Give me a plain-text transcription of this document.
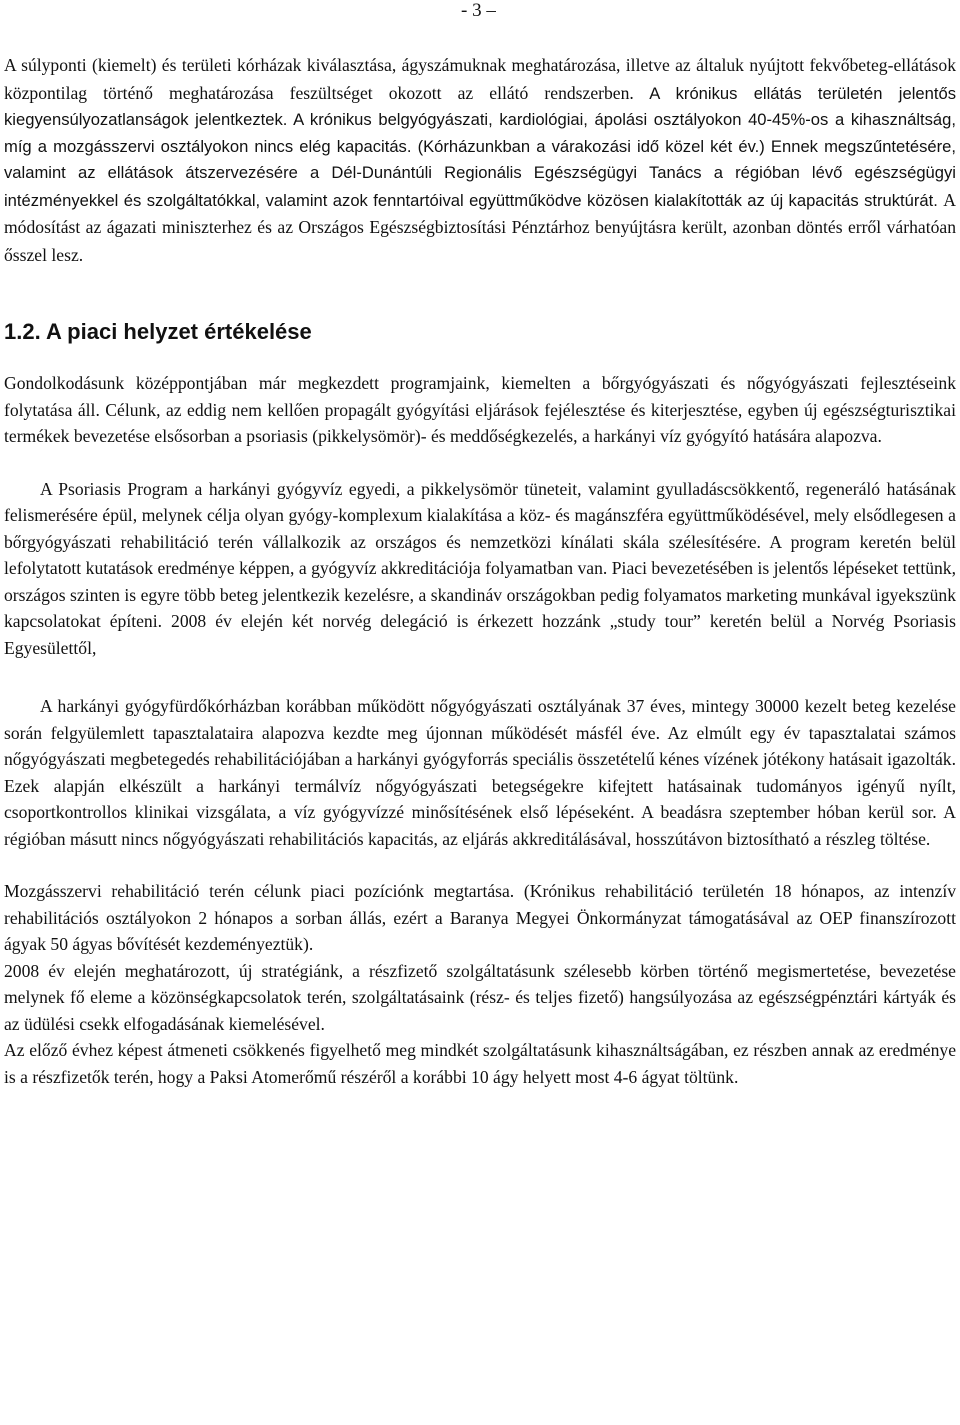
- 3 –

A súlyponti (kiemelt) és területi kórházak kiválasztása, ágyszámuknak meghatározása, illetve az általuk nyújtott fekvőbeteg-ellátások központilag történő meghatározása feszültséget okozott az ellátó rendszerben. A krónikus ellátás területén jelentős kiegyensúlyozatlanságok jelentkeztek. A krónikus belgyógyászati, kardiológiai, ápolási osztályokon 40-45%-os a kihasználtság, míg a mozgásszervi osztályokon nincs elég kapacitás. (Kórházunkban a várakozási idő közel két év.) Ennek megszűntetésére, valamint az ellátások átszervezésére a Dél-Dunántúli Regionális Egészségügyi Tanács a régióban lévő egészségügyi intézményekkel és szolgáltatókkal, valamint azok fenntartóival együttműködve közösen kialakították az új kapacitás struktúrát. A módosítást az ágazati miniszterhez és az Országos Egészségbiztosítási Pénztárhoz benyújtásra került, azonban döntés erről várhatóan ősszel lesz.

1.2. A piaci helyzet értékelése

Gondolkodásunk középpontjában már megkezdett programjaink, kiemelten a bőrgyógyászati és nőgyógyászati fejlesztéseink folytatása áll. Célunk, az eddig nem kellően propagált gyógyítási eljárások fejélesztése és kiterjesztése, egyben új egészségturisztikai termékek bevezetése elsősorban a psoriasis (pikkelysömör)- és meddőségkezelés, a harkányi víz gyógyító hatására alapozva.

A Psoriasis Program a harkányi gyógyvíz egyedi, a pikkelysömör tüneteit, valamint gyulladáscsökkentő, regeneráló hatásának felismerésére épül, melynek célja olyan gyógy-komplexum kialakítása a köz- és magánszféra együttműködésével, mely elsődlegesen a bőrgyógyászati rehabilitáció terén vállalkozik az országos és nemzetközi kínálati skála szélesítésére. A program keretén belül lefolytatott kutatások eredménye képpen, a gyógyvíz akkreditációja folyamatban van. Piaci bevezetésében is jelentős lépéseket tettünk, országos szinten is egyre több beteg jelentkezik kezelésre, a skandináv országokban pedig folyamatos marketing munkával igyekszünk kapcsolatokat építeni. 2008 év elején két norvég delegáció is érkezett hozzánk „study tour” keretén belül a Norvég Psoriasis Egyesülettől,

A harkányi gyógyfürdőkórházban korábban működött nőgyógyászati osztályának 37 éves, mintegy 30000 kezelt beteg kezelése során felgyülemlett tapasztalataira alapozva kezdte meg újonnan működését másfél éve. Az elmúlt egy év tapasztalatai számos nőgyógyászati megbetegedés rehabilitációjában a harkányi gyógyforrás speciális összetételű kénes vízének jótékony hatásait igazolták. Ezek alapján elkészült a harkányi termálvíz nőgyógyászati betegségekre kifejtett hatásainak tudományos igényű nyílt, csoportkontrollos klinikai vizsgálata, a víz gyógyvízzé minősítésének első lépéseként. A beadásra szeptember hóban kerül sor. A régióban másutt nincs nőgyógyászati rehabilitációs kapacitás, az eljárás akkreditálásával, hosszútávon biztosítható a részleg töltése.

Mozgásszervi rehabilitáció terén célunk piaci pozíciónk megtartása. (Krónikus rehabilitáció területén 18 hónapos, az intenzív rehabilitációs osztályokon 2 hónapos a sorban állás, ezért a Baranya Megyei Önkormányzat támogatásával az OEP finanszírozott ágyak 50 ágyas bővítését kezdeményeztük).

2008 év elején meghatározott, új stratégiánk, a részfizető szolgáltatásunk szélesebb körben történő megismertetése, bevezetése melynek fő eleme a közönségkapcsolatok terén, szolgáltatásaink (rész- és teljes fizető) hangsúlyozása az egészségpénztári kártyák és az üdülési csekk elfogadásának kiemelésével.

Az előző évhez képest átmeneti csökkenés figyelhető meg mindkét szolgáltatásunk kihasználtságában, ez részben annak az eredménye is a részfizetők terén, hogy a Paksi Atomerőmű részéről a korábbi 10 ágy helyett most 4-6 ágyat töltünk.
